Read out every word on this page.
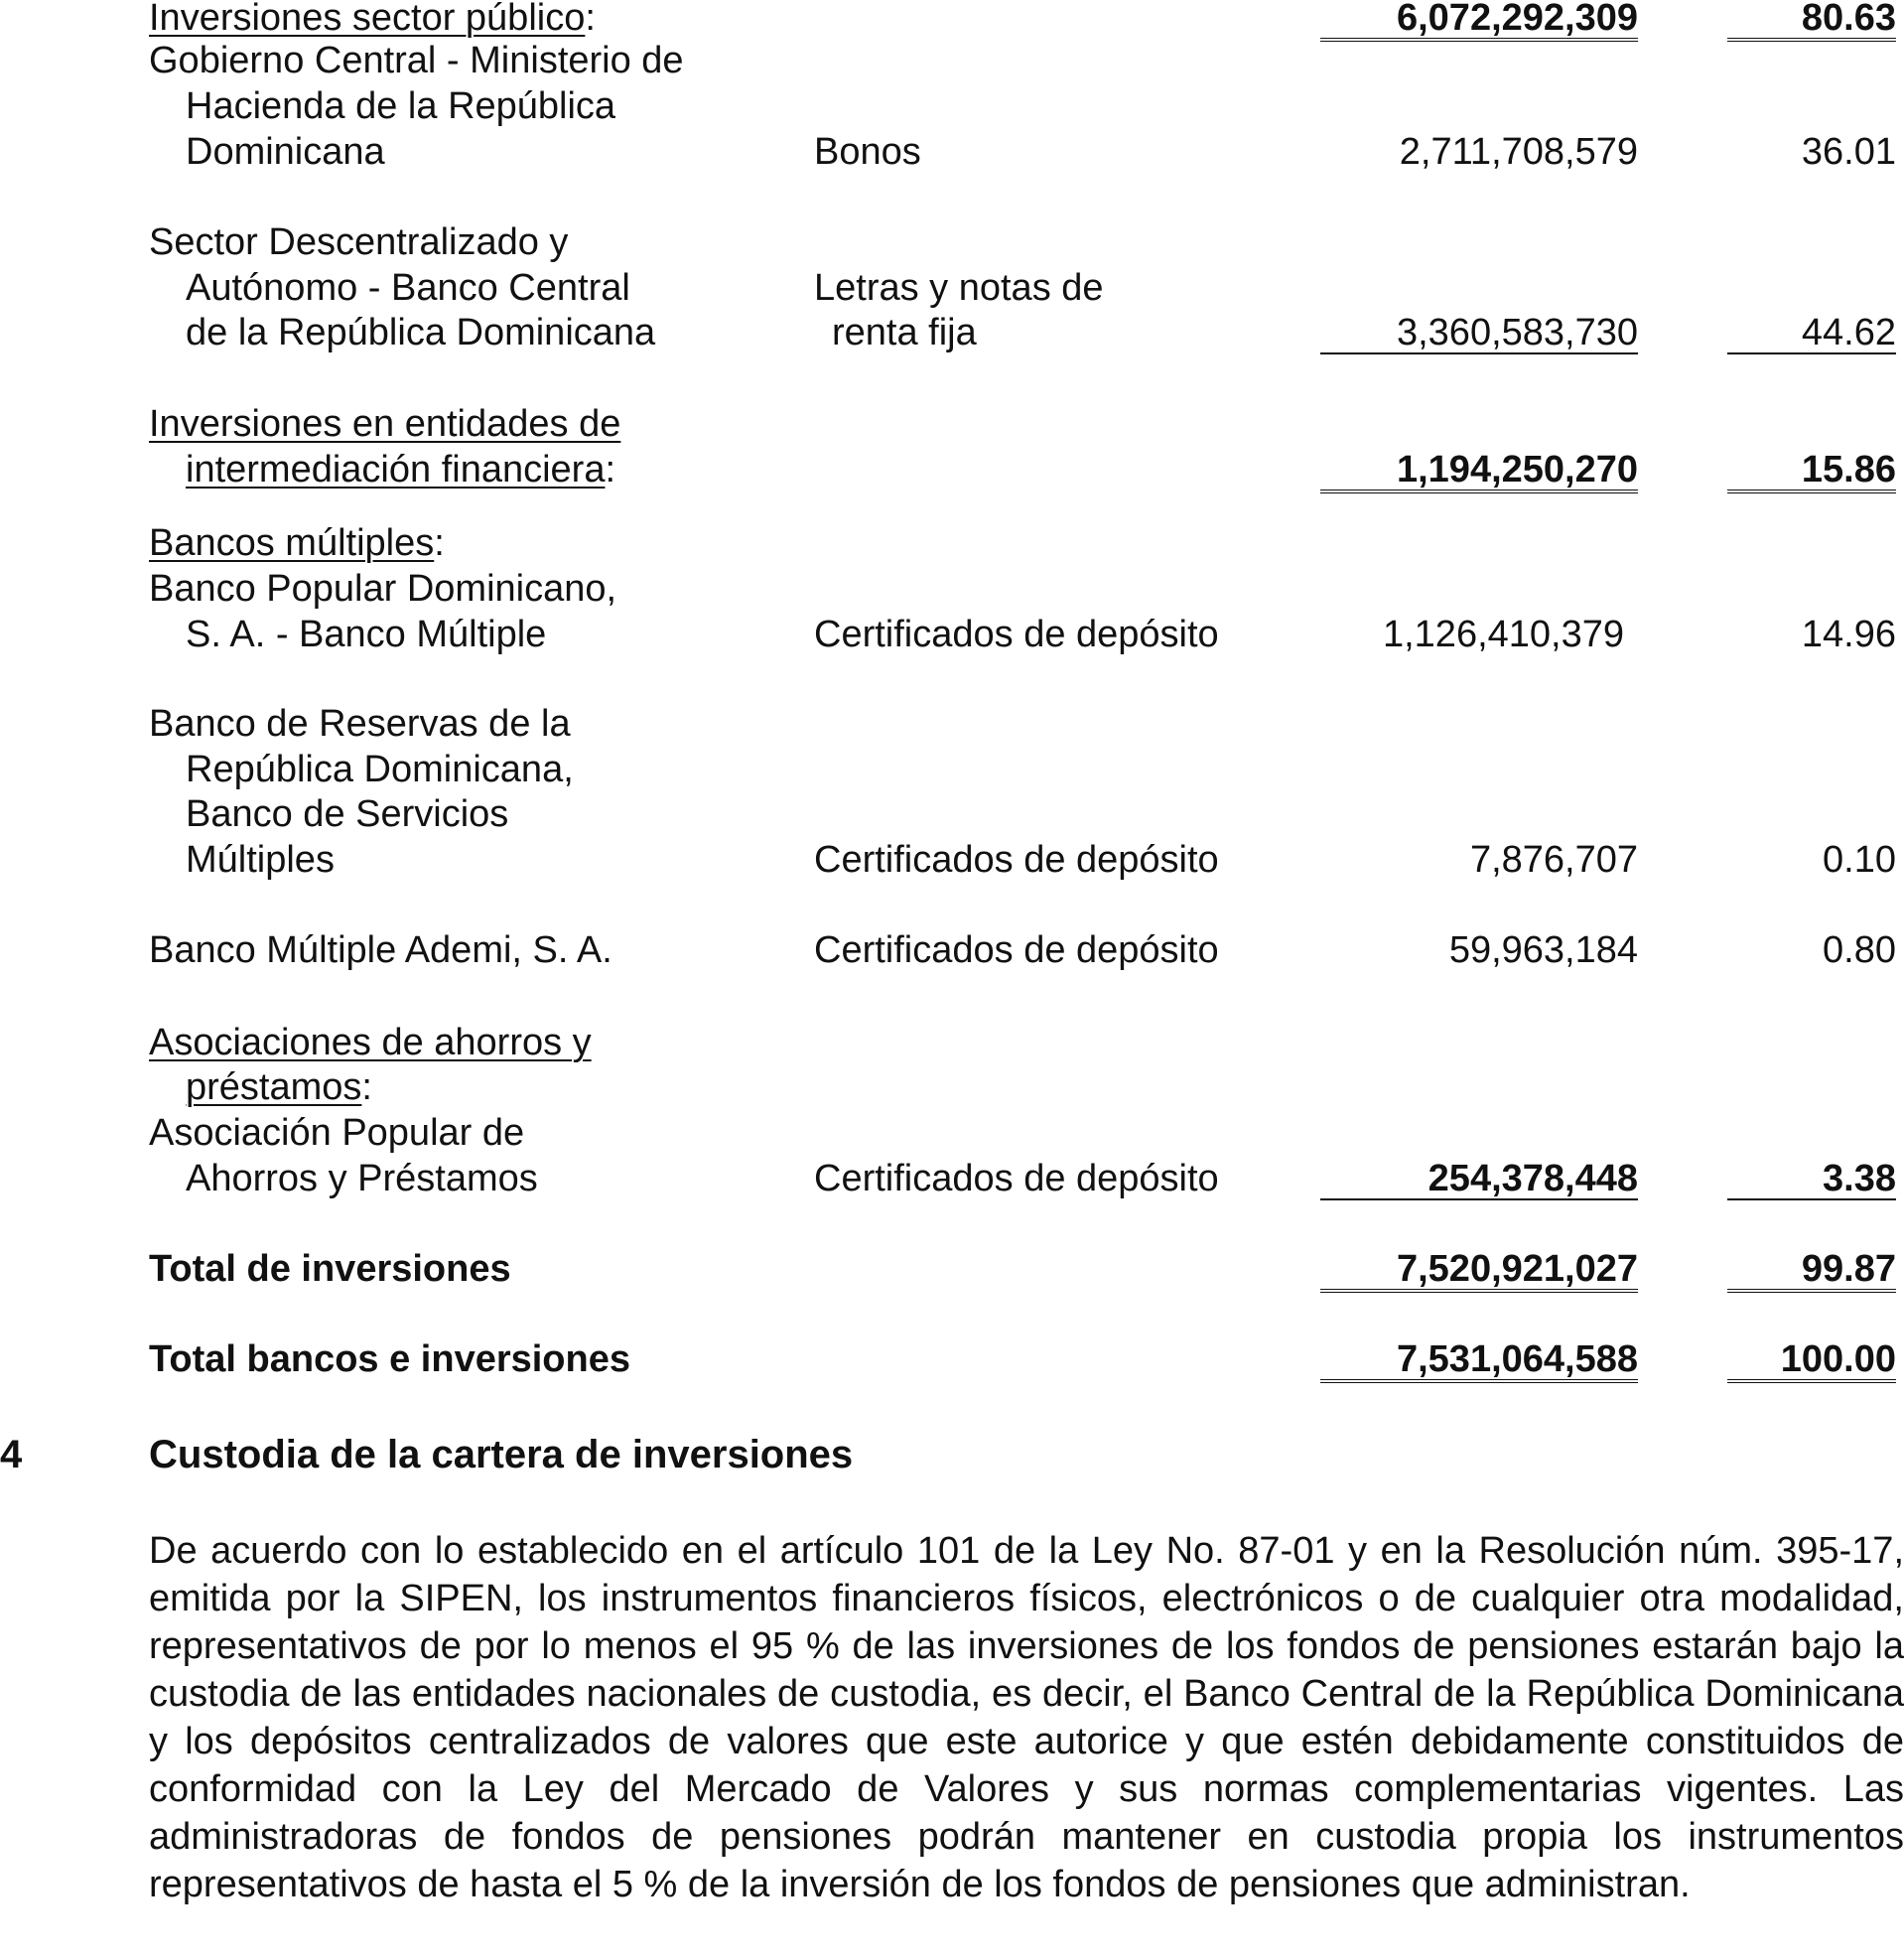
Inversiones sector público:	6,072,292,309	80.63
Gobierno Central - Ministerio de
Hacienda de la República
Dominicana	Bonos	2,711,708,579	36.01
Sector Descentralizado y
Autónomo - Banco Central
de la República Dominicana
Letras y notas de
renta fija	3,360,583,730	44.62
Inversiones en entidades de
intermediación financiera:	1,194,250,270	15.86
Bancos múltiples:
Banco Popular Dominicano,
S. A. - Banco Múltiple	Certificados de depósito	1,126,410,379	14.96
Banco de Reservas de la
República Dominicana,
Banco de Servicios
Múltiples	Certificados de depósito	7,876,707	0.10
Banco Múltiple Ademi, S. A.	Certificados de depósito	59,963,184	0.80
Asociaciones de ahorros y
préstamos:
Asociación Popular de
Ahorros y Préstamos	Certificados de depósito	254,378,448	3.38
Total de inversiones	7,520,921,027	99.87
Total bancos e inversiones	7,531,064,588	100.00
4	Custodia de la cartera de inversiones

De acuerdo con lo establecido en el artículo 101 de la Ley No. 87-01 y en la Resolución núm. 395-17, emitida por la SIPEN, los instrumentos financieros físicos, electrónicos o de cualquier otra modalidad, representativos de por lo menos el 95 % de las inversiones de los fondos de pensiones estarán bajo la custodia de las entidades nacionales de custodia, es decir, el Banco Central de la República Dominicana y los depósitos centralizados de valores que este autorice y que estén debidamente constituidos de conformidad con la Ley del Mercado de Valores y sus normas complementarias vigentes. Las administradoras de fondos de pensiones podrán mantener en custodia propia los instrumentos representativos de hasta el 5 % de la inversión de los fondos de pensiones que administran.
